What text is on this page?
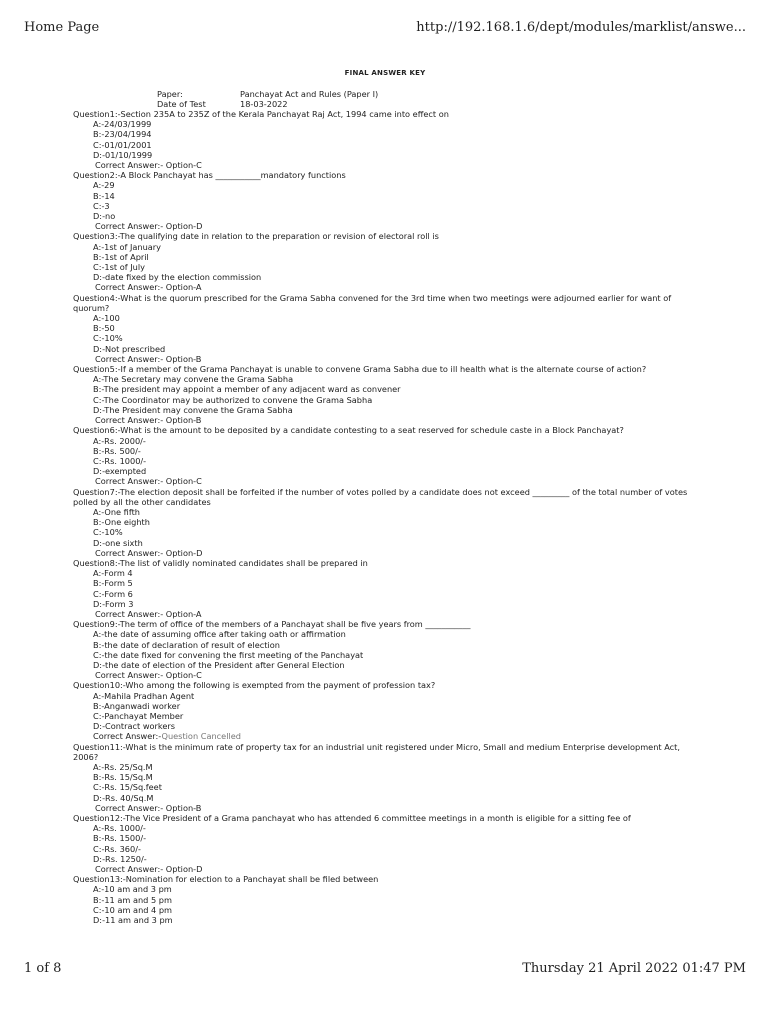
Home Page	http://192.168.1.6/dept/modules/marklist/answe...
FINAL ANSWER KEY
Paper:	Panchayat Act and Rules (Paper I)
Date of Test	18-03-2022
Question1:-Section 235A to 235Z of the Kerala Panchayat Raj Act, 1994 came into effect on
A:-24/03/1999
B:-23/04/1994
C:-01/01/2001
D:-01/10/1999
Correct Answer:- Option-C
Question2:-A Block Panchayat has ___________mandatory functions
A:-29
B:-14
C:-3
D:-no
Correct Answer:- Option-D
Question3:-The qualifying date in relation to the preparation or revision of electoral roll is
A:-1st of January
B:-1st of April
C:-1st of July
D:-date fixed by the election commission
Correct Answer:- Option-A
Question4:-What is the quorum prescribed for the Grama Sabha convened for the 3rd time when two meetings were adjourned earlier for want of quorum?
A:-100
B:-50
C:-10%
D:-Not prescribed
Correct Answer:- Option-B
Question5:-If a member of the Grama Panchayat is unable to convene Grama Sabha due to ill health what is the alternate course of action?
A:-The Secretary may convene the Grama Sabha
B:-The president may appoint a member of any adjacent ward as convener
C:-The Coordinator may be authorized to convene the Grama Sabha
D:-The President may convene the Grama Sabha
Correct Answer:- Option-B
Question6:-What is the amount to be deposited by a candidate contesting to a seat reserved for schedule caste in a Block Panchayat?
A:-Rs. 2000/-
B:-Rs. 500/-
C:-Rs. 1000/-
D:-exempted
Correct Answer:- Option-C
Question7:-The election deposit shall be forfeited if the number of votes polled by a candidate does not exceed _________ of the total number of votes polled by all the other candidates
A:-One fifth
B:-One eighth
C:-10%
D:-one sixth
Correct Answer:- Option-D
Question8:-The list of validly nominated candidates shall be prepared in
A:-Form 4
B:-Form 5
C:-Form 6
D:-Form 3
Correct Answer:- Option-A
Question9:-The term of office of the members of a Panchayat shall be five years from ___________
A:-the date of assuming office after taking oath or affirmation
B:-the date of declaration of result of election
C:-the date fixed for convening the first meeting of the Panchayat
D:-the date of election of the President after General Election
Correct Answer:- Option-C
Question10:-Who among the following is exempted from the payment of profession tax?
A:-Mahila Pradhan Agent
B:-Anganwadi worker
C:-Panchayat Member
D:-Contract workers
Correct Answer:-Question Cancelled
Question11:-What is the minimum rate of property tax for an industrial unit registered under Micro, Small and medium Enterprise development Act, 2006?
A:-Rs. 25/Sq.M
B:-Rs. 15/Sq.M
C:-Rs. 15/Sq.feet
D:-Rs. 40/Sq.M
Correct Answer:- Option-B
Question12:-The Vice President of a Grama panchayat who has attended 6 committee meetings in a month is eligible for a sitting fee of
A:-Rs. 1000/-
B:-Rs. 1500/-
C:-Rs. 360/-
D:-Rs. 1250/-
Correct Answer:- Option-D
Question13:-Nomination for election to a Panchayat shall be filed between
A:-10 am and 3 pm
B:-11 am and 5 pm
C:-10 am and 4 pm
D:-11 am and 3 pm
1 of 8	Thursday 21 April 2022 01:47 PM
